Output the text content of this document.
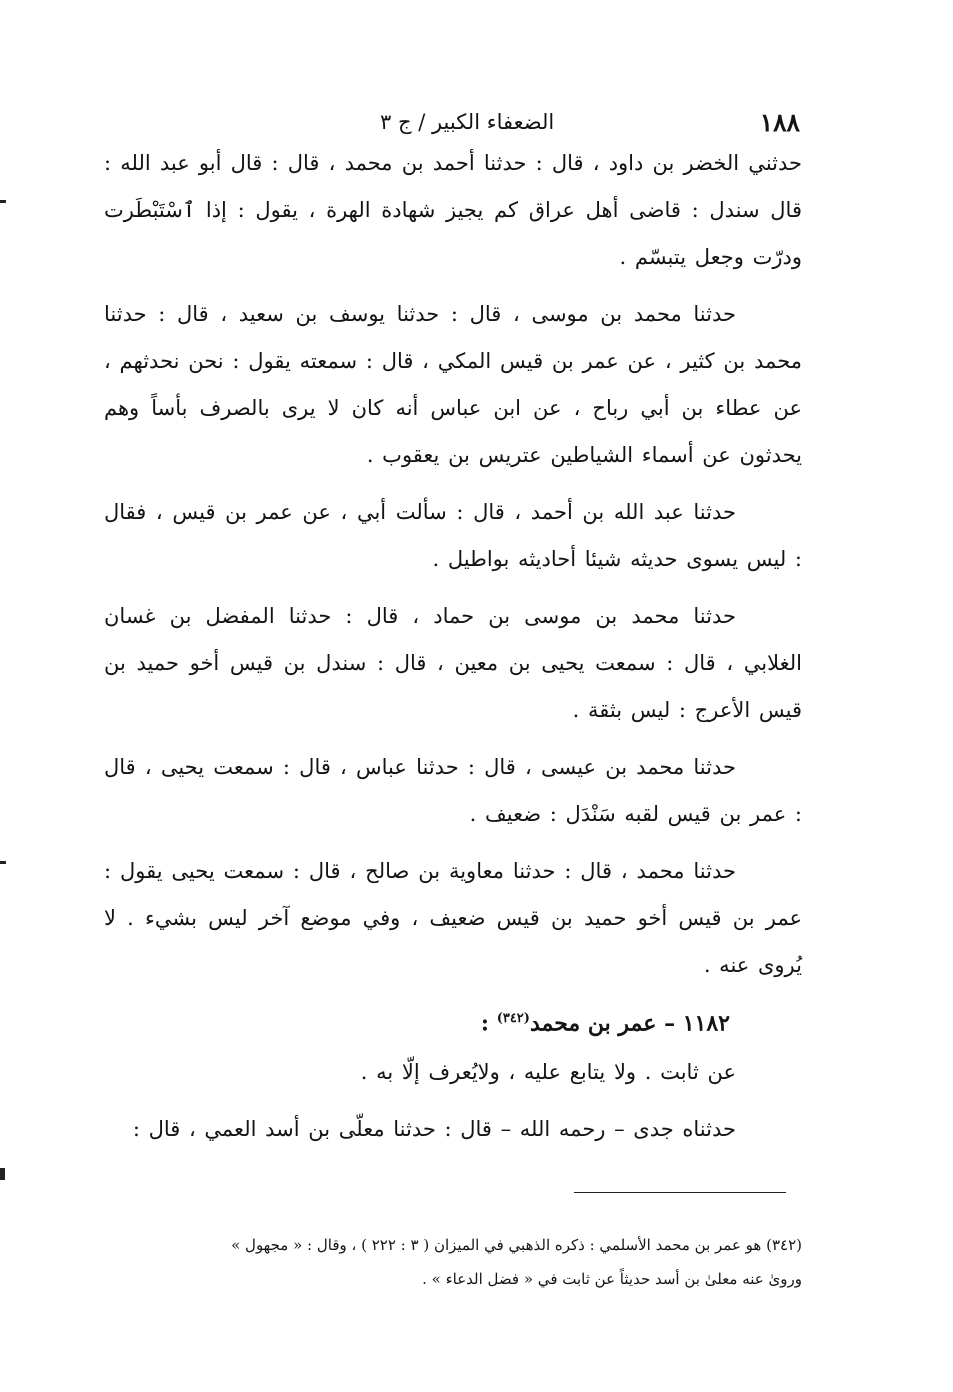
١٨٨
الضعفاء الكبير / ج ٣

حدثني الخضر بن داود ، قال : حدثنا أحمد بن محمد ، قال : قال أبو عبد الله : قال سندل : قاضى أهل عراق كم يجيز شهادة الهرة ، يقول : إذا ٱسْتَبْطَرت ودرّت وجعل يتبسّم .

حدثنا محمد بن موسى ، قال : حدثنا يوسف بن سعيد ، قال : حدثنا محمد بن كثير ، عن عمر بن قيس المكي ، قال : سمعته يقول : نحن نحدثهم ، عن عطاء بن أبي رباح ، عن ابن عباس أنه كان لا يرى بالصرف بأساً وهم يحدثون عن أسماء الشياطين عتريس بن يعقوب .

حدثنا عبد الله بن أحمد ، قال : سألت أبي ، عن عمر بن قيس ، فقال : ليس يسوى حديثه شيئا أحاديثه بواطيل .

حدثنا محمد بن موسى بن حماد ، قال : حدثنا المفضل بن غسان الغلابي ، قال : سمعت يحيى بن معين ، قال : سندل بن قيس أخو حميد بن قيس الأعرج : ليس بثقة .

حدثنا محمد بن عيسى ، قال : حدثنا عباس ، قال : سمعت يحيى ، قال : عمر بن قيس لقبه سَنْدَل : ضعيف .

حدثنا محمد ، قال : حدثنا معاوية بن صالح ، قال : سمعت يحيى يقول : عمر بن قيس أخو حميد بن قيس ضعيف ، وفي موضع آخر ليس بشيء . لا يُروى عنه .

١١٨٢ – عمر بن محمد$^{(٣٤٢)}$ :

عن ثابت . ولا يتابع عليه ، ولايُعرف إلّا به .

حدثناه جدى – رحمه الله – قال : حدثنا معلّى بن أسد العمي ، قال :

(٣٤٢) هو عمر بن محمد الأسلمي : ذكره الذهبي في الميزان ( ٣ : ٢٢٢ ) ، وقال : « مجهول »

ورویٰ عنه معلیٰ بن أسد حديثاً عن ثابت في « فضل الدعاء » .
